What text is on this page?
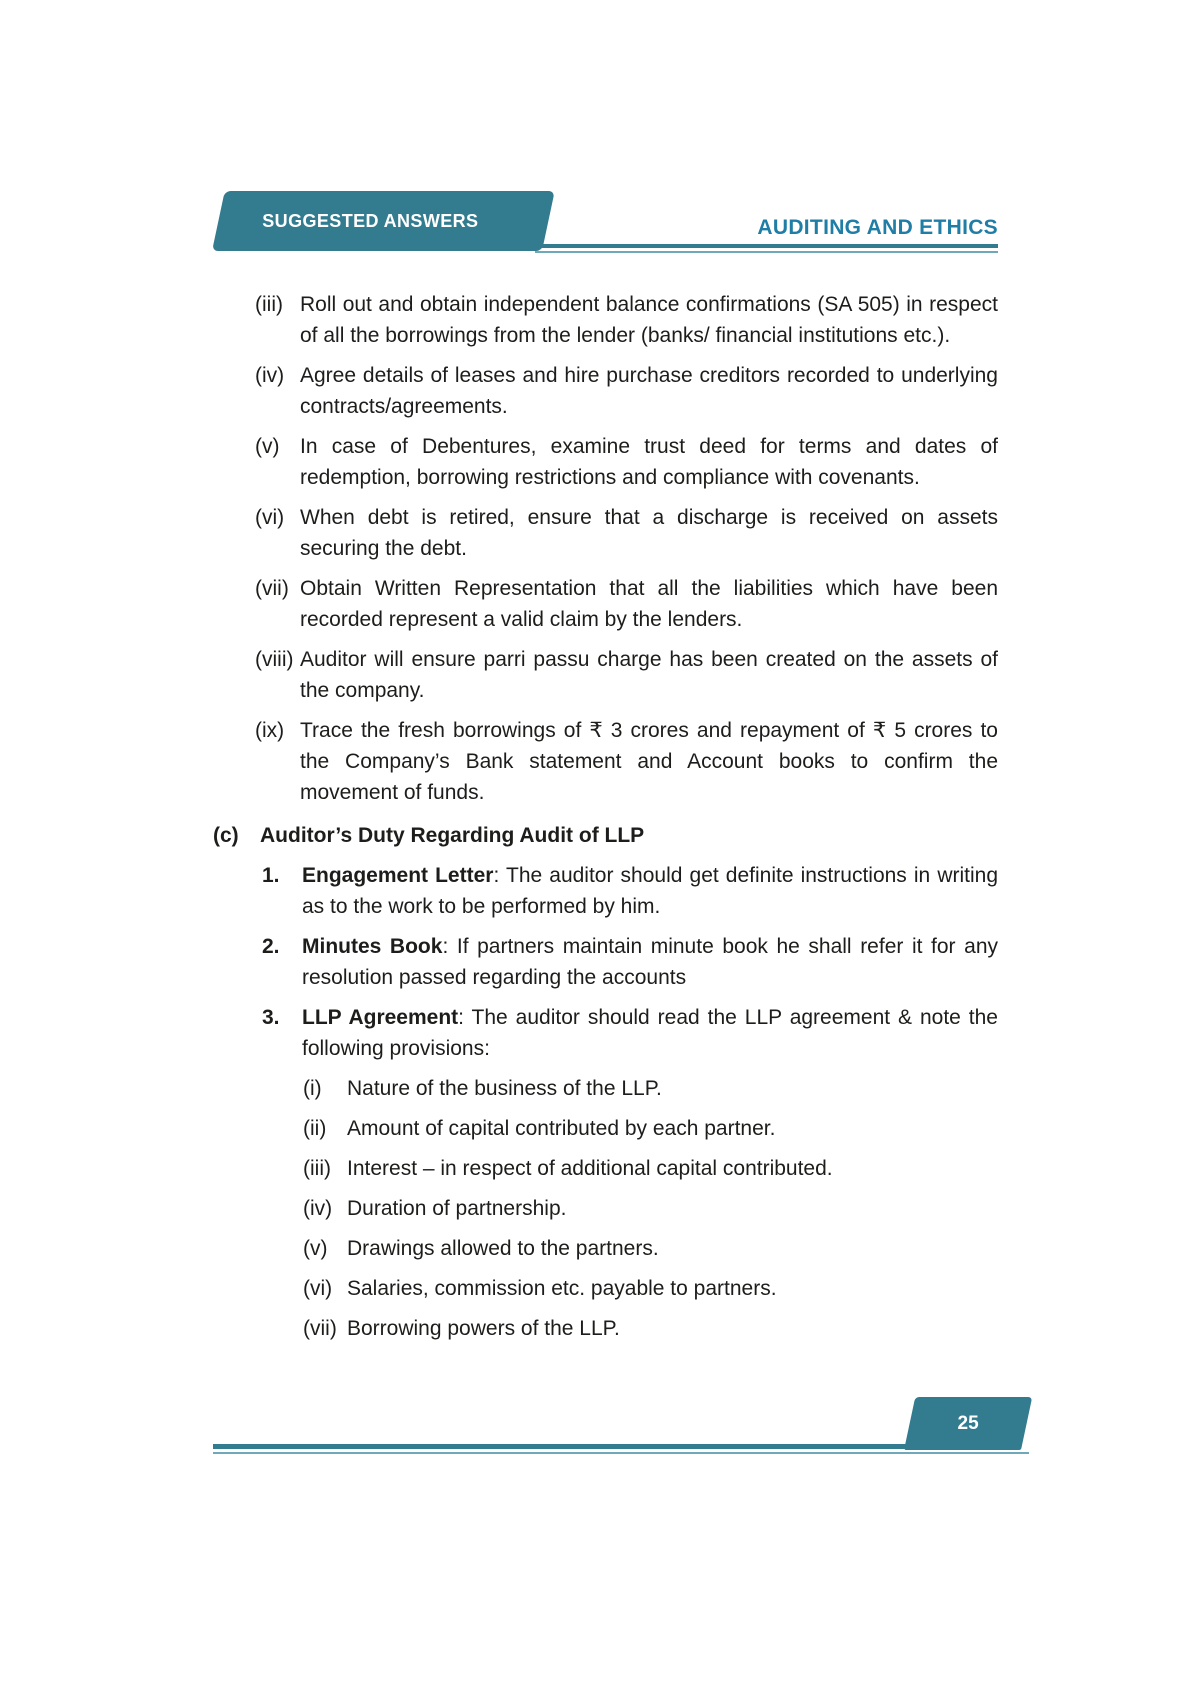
SUGGESTED ANSWERS	AUDITING AND ETHICS
(iii) Roll out and obtain independent balance confirmations (SA 505) in respect of all the borrowings from the lender (banks/ financial institutions etc.).
(iv) Agree details of leases and hire purchase creditors recorded to underlying contracts/agreements.
(v) In case of Debentures, examine trust deed for terms and dates of redemption, borrowing restrictions and compliance with covenants.
(vi) When debt is retired, ensure that a discharge is received on assets securing the debt.
(vii) Obtain Written Representation that all the liabilities which have been recorded represent a valid claim by the lenders.
(viii) Auditor will ensure parri passu charge has been created on the assets of the company.
(ix) Trace the fresh borrowings of ₹ 3 crores and repayment of ₹ 5 crores to the Company’s Bank statement and Account books to confirm the movement of funds.
(c) Auditor’s Duty Regarding Audit of LLP
1. Engagement Letter: The auditor should get definite instructions in writing as to the work to be performed by him.
2. Minutes Book: If partners maintain minute book he shall refer it for any resolution passed regarding the accounts
3. LLP Agreement: The auditor should read the LLP agreement & note the following provisions:
(i) Nature of the business of the LLP.
(ii) Amount of capital contributed by each partner.
(iii) Interest – in respect of additional capital contributed.
(iv) Duration of partnership.
(v) Drawings allowed to the partners.
(vi) Salaries, commission etc. payable to partners.
(vii) Borrowing powers of the LLP.
25
